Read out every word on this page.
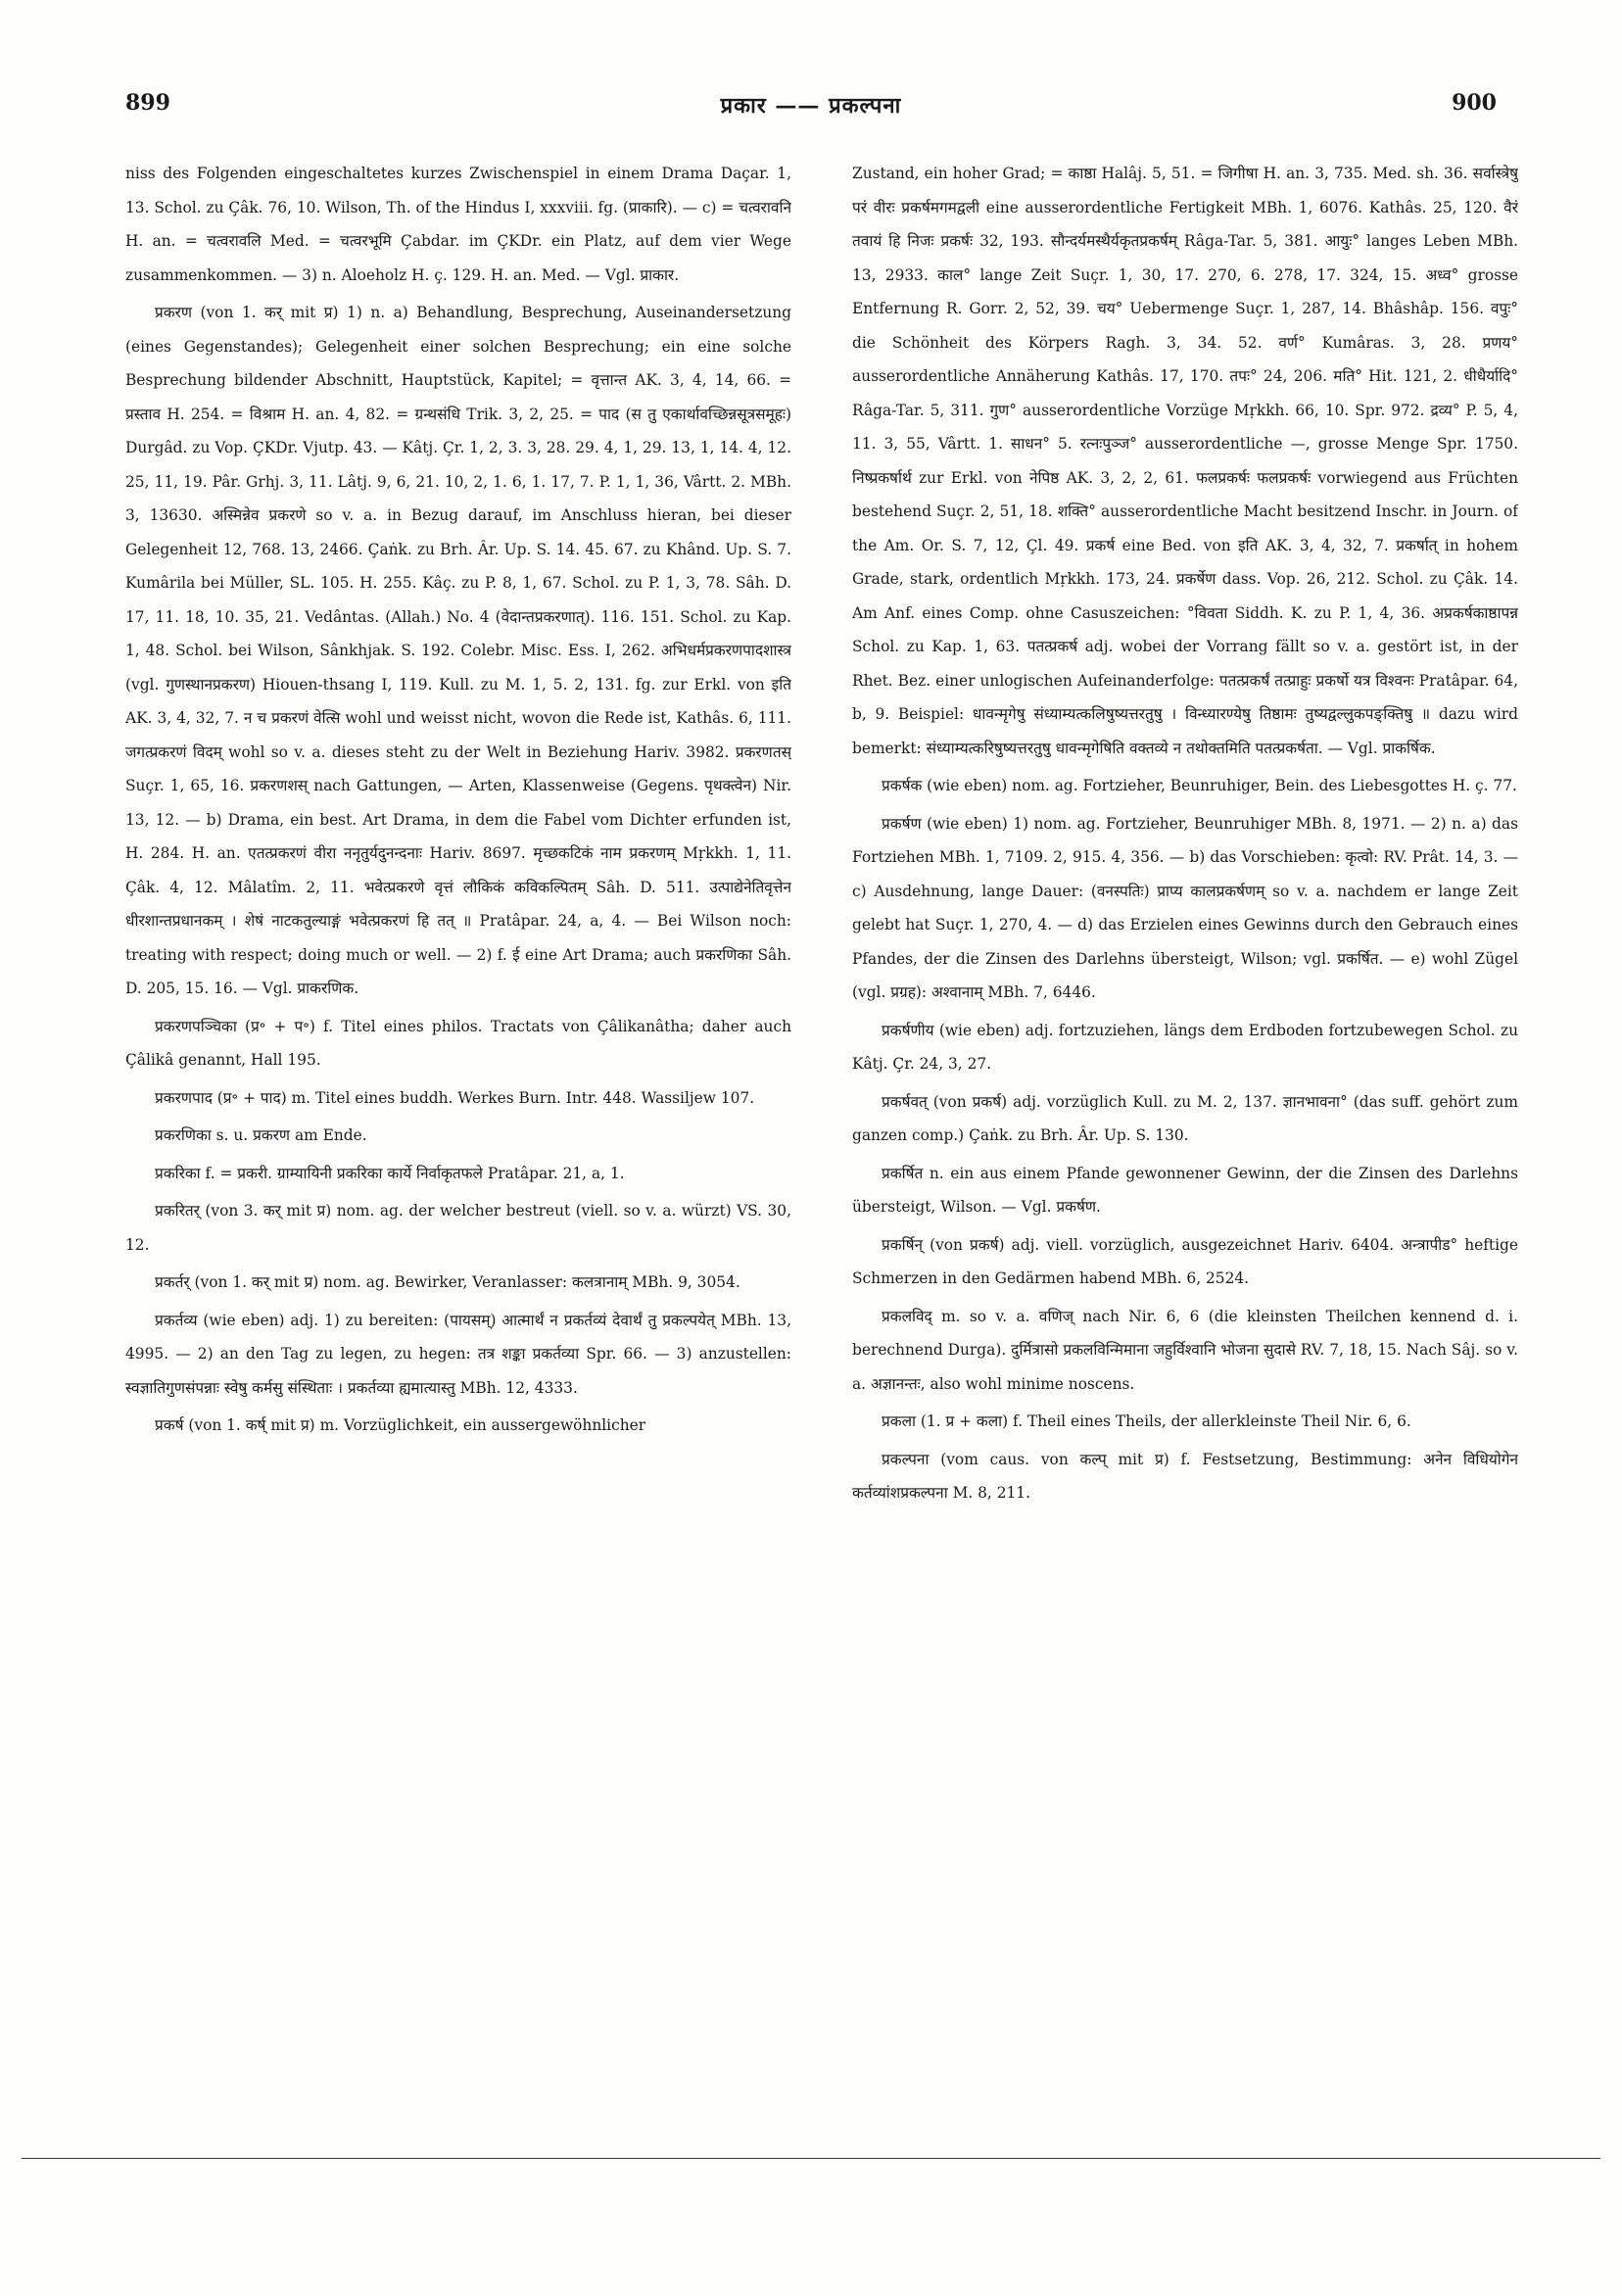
899	प्रकार —— प्रकल्पना	900

niss des Folgenden eingeschaltetes kurzes Zwischenspiel in einem Drama Daçar. 1, 13. Schol. zu Çâk. 76, 10. Wilson, Th. of the Hindus I, xxxviii. fg. (प्राकारि). — c) = चत्वरावनि H. an. = चत्वरावलि Med. = चत्वरभूमि Çabdar. im ÇKDr. ein Platz, auf dem vier Wege zusammenkommen. — 3) n. Aloeholz H. ç. 129. H. an. Med. — Vgl. प्राकार.

प्रकरण (von 1. कर् mit प्र) 1) n. a) Behandlung, Besprechung, Auseinandersetzung (eines Gegenstandes); Gelegenheit einer solchen Besprechung; ein eine solche Besprechung bildender Abschnitt, Hauptstück, Kapitel; = वृत्तान्त AK. 3, 4, 14, 66. = प्रस्ताव H. 254. = विश्राम H. an. 4, 82. = ग्रन्थसंधि Trik. 3, 2, 25. = पाद (स तु एकार्थावच्छिन्नसूत्रसमूहः) Durgâd. zu Vop. ÇKDr. Vjutp. 43. — Kâtj. Çr. 1, 2, 3. 3, 28. 29. 4, 1, 29. 13, 1, 14. 4, 12. 25, 11, 19. Pâr. Grhj. 3, 11. Lâtj. 9, 6, 21. 10, 2, 1. 6, 1. 17, 7. P. 1, 1, 36, Vârtt. 2. MBh. 3, 13630. अस्मिन्नेव प्रकरणे so v. a. in Bezug darauf, im Anschluss hieran, bei dieser Gelegenheit 12, 768. 13, 2466. Çaṅk. zu Brh. Âr. Up. S. 14. 45. 67. zu Khând. Up. S. 7. Kumârila bei Müller, SL. 105. H. 255. Kâç. zu P. 8, 1, 67. Schol. zu P. 1, 3, 78. Sâh. D. 17, 11. 18, 10. 35, 21. Vedântas. (Allah.) No. 4 (वेदान्तप्रकरणात्). 116. 151. Schol. zu Kap. 1, 48. Schol. bei Wilson, Sânkhjak. S. 192. Colebr. Misc. Ess. I, 262. अभिधर्मप्रकरणपादशास्त्र (vgl. गुणस्थानप्रकरण) Hiouen-thsang I, 119. Kull. zu M. 1, 5. 2, 131. fg. zur Erkl. von इति AK. 3, 4, 32, 7. न च प्रकरणं वेत्सि wohl und weisst nicht, wovon die Rede ist, Kathâs. 6, 111. जगत्प्रकरणं विदम् wohl so v. a. dieses steht zu der Welt in Beziehung Hariv. 3982. प्रकरणतस् Suçr. 1, 65, 16. प्रकरणशस् nach Gattungen, — Arten, Klassenweise (Gegens. पृथक्त्वेन) Nir. 13, 12. — b) Drama, ein best. Art Drama, in dem die Fabel vom Dichter erfunden ist, H. 284. H. an. एतत्प्रकरणं वीरा ननृतुर्यदुनन्दनाः Hariv. 8697. मृच्छकटिकं नाम प्रकरणम् Mṛkkh. 1, 11. Çâk. 4, 12. Mâlatîm. 2, 11. भवेत्प्रकरणे वृत्तं लौकिकं कविकल्पितम् Sâh. D. 511. उत्पाद्येनेतिवृत्तेन धीरशान्तप्रधानकम् । शेषं नाटकतुल्याङ्गं भवेत्प्रकरणं हि तत् ॥ Pratâpar. 24, a, 4. — Bei Wilson noch: treating with respect; doing much or well. — 2) f. ई eine Art Drama; auch प्रकरणिका Sâh. D. 205, 15. 16. — Vgl. प्राकरणिक.

प्रकरणपञ्चिका (प्र॰ + प॰) f. Titel eines philos. Tractats von Çâlikanâtha; daher auch Çâlikâ genannt, Hall 195.

प्रकरणपाद (प्र॰ + पाद) m. Titel eines buddh. Werkes Burn. Intr. 448. Wassiljew 107.

प्रकरणिका s. u. प्रकरण am Ende.

प्रकरिका f. = प्रकरी. ग्राम्यायिनी प्रकरिका कार्ये निर्वाकृतफले Pratâpar. 21, a, 1.

प्रकरितर् (von 3. कर् mit प्र) nom. ag. der welcher bestreut (viell. so v. a. würzt) VS. 30, 12.

प्रकर्तर् (von 1. कर् mit प्र) nom. ag. Bewirker, Veranlasser: कलत्रानाम् MBh. 9, 3054.

प्रकर्तव्य (wie eben) adj. 1) zu bereiten: (पायसम्) आत्मार्थं न प्रकर्तव्यं देवार्थं तु प्रकल्पयेत् MBh. 13, 4995. — 2) an den Tag zu legen, zu hegen: तत्र शङ्का प्रकर्तव्या Spr. 66. — 3) anzustellen: स्वज्ञातिगुणसंपन्नाः स्वेषु कर्मसु संस्थिताः । प्रकर्तव्या ह्यमात्यास्तु MBh. 12, 4333.

प्रकर्ष (von 1. कर्ष् mit प्र) m. Vorzüglichkeit, ein aussergewöhnlicher

Zustand, ein hoher Grad; = काष्ठा Halâj. 5, 51. = जिगीषा H. an. 3, 735. Med. sh. 36. सर्वास्त्रेषु परं वीरः प्रकर्षमगमद्वली eine ausserordentliche Fertigkeit MBh. 1, 6076. Kathâs. 25, 120. वैरं तवायं हि निजः प्रकर्षः 32, 193. सौन्दर्यमस्थैर्यकृतप्रकर्षम् Râga-Tar. 5, 381. आयुः° langes Leben MBh. 13, 2933. काल° lange Zeit Suçr. 1, 30, 17. 270, 6. 278, 17. 324, 15. अध्व° grosse Entfernung R. Gorr. 2, 52, 39. चय° Uebermenge Suçr. 1, 287, 14. Bhâshâp. 156. वपुः° die Schönheit des Körpers Ragh. 3, 34. 52. वर्ण° Kumâras. 3, 28. प्रणय° ausserordentliche Annäherung Kathâs. 17, 170. तपः° 24, 206. मति° Hit. 121, 2. धीधैर्यादि° Râga-Tar. 5, 311. गुण° ausserordentliche Vorzüge Mṛkkh. 66, 10. Spr. 972. द्रव्य° P. 5, 4, 11. 3, 55, Vârtt. 1. साधन° 5. रत्नःपुञ्ज° ausserordentliche —, grosse Menge Spr. 1750. निष्प्रकर्षार्थ zur Erkl. von नेपिष्ठ AK. 3, 2, 2, 61. फलप्रकर्षः फलप्रकर्षः vorwiegend aus Früchten bestehend Suçr. 2, 51, 18. शक्ति° ausserordentliche Macht besitzend Inschr. in Journ. of the Am. Or. S. 7, 12, Çl. 49. प्रकर्ष eine Bed. von इति AK. 3, 4, 32, 7. प्रकर्षात् in hohem Grade, stark, ordentlich Mṛkkh. 173, 24. प्रकर्षेण dass. Vop. 26, 212. Schol. zu Çâk. 14. Am Anf. eines Comp. ohne Casuszeichen: °विवता Siddh. K. zu P. 1, 4, 36. अप्रकर्षकाष्ठापन्न Schol. zu Kap. 1, 63. पतत्प्रकर्ष adj. wobei der Vorrang fällt so v. a. gestört ist, in der Rhet. Bez. einer unlogischen Aufeinanderfolge: पतत्प्रकर्षं तत्प्राहुः प्रकर्षो यत्र विश्वनः Pratâpar. 64, b, 9. Beispiel: धावन्मृगेषु संध्याम्यत्कलिषुष्यत्तरतुषु । विन्ध्यारण्येषु तिष्ठामः तुष्यद्वल्लुकपङ्क्तिषु ॥ dazu wird bemerkt: संध्याम्यत्करिषुष्यत्तरतुषु धावन्मृगेषिति वक्तव्ये न तथोक्तमिति पतत्प्रकर्षता. — Vgl. प्राकर्षिक.

प्रकर्षक (wie eben) nom. ag. Fortzieher, Beunruhiger, Bein. des Liebesgottes H. ç. 77.

प्रकर्षण (wie eben) 1) nom. ag. Fortzieher, Beunruhiger MBh. 8, 1971. — 2) n. a) das Fortziehen MBh. 1, 7109. 2, 915. 4, 356. — b) das Vorschieben: कृत्वो: RV. Prât. 14, 3. — c) Ausdehnung, lange Dauer: (वनस्पतिः) प्राप्य कालप्रकर्षणम् so v. a. nachdem er lange Zeit gelebt hat Suçr. 1, 270, 4. — d) das Erzielen eines Gewinns durch den Gebrauch eines Pfandes, der die Zinsen des Darlehns übersteigt, Wilson; vgl. प्रकर्षित. — e) wohl Zügel (vgl. प्रग्रह): अश्वानाम् MBh. 7, 6446.

प्रकर्षणीय (wie eben) adj. fortzuziehen, längs dem Erdboden fortzubewegen Schol. zu Kâtj. Çr. 24, 3, 27.

प्रकर्षवत् (von प्रकर्ष) adj. vorzüglich Kull. zu M. 2, 137. ज्ञानभावना° (das suff. gehört zum ganzen comp.) Çaṅk. zu Brh. Âr. Up. S. 130.

प्रकर्षित n. ein aus einem Pfande gewonnener Gewinn, der die Zinsen des Darlehns übersteigt, Wilson. — Vgl. प्रकर्षण.

प्रकर्षिन् (von प्रकर्ष) adj. viell. vorzüglich, ausgezeichnet Hariv. 6404. अन्त्रापीड° heftige Schmerzen in den Gedärmen habend MBh. 6, 2524.

प्रकलविद् m. so v. a. वणिज् nach Nir. 6, 6 (die kleinsten Theilchen kennend d. i. berechnend Durga). दुर्मित्रासो प्रकलविन्मिमाना जहुर्विश्वानि भोजना सुदासे RV. 7, 18, 15. Nach Sâj. so v. a. अज्ञानन्तः, also wohl minime noscens.

प्रकला (1. प्र + कला) f. Theil eines Theils, der allerkleinste Theil Nir. 6, 6.

प्रकल्पना (vom caus. von कल्प् mit प्र) f. Festsetzung, Bestimmung: अनेन विधियोगेन कर्तव्यांशप्रकल्पना M. 8, 211.
